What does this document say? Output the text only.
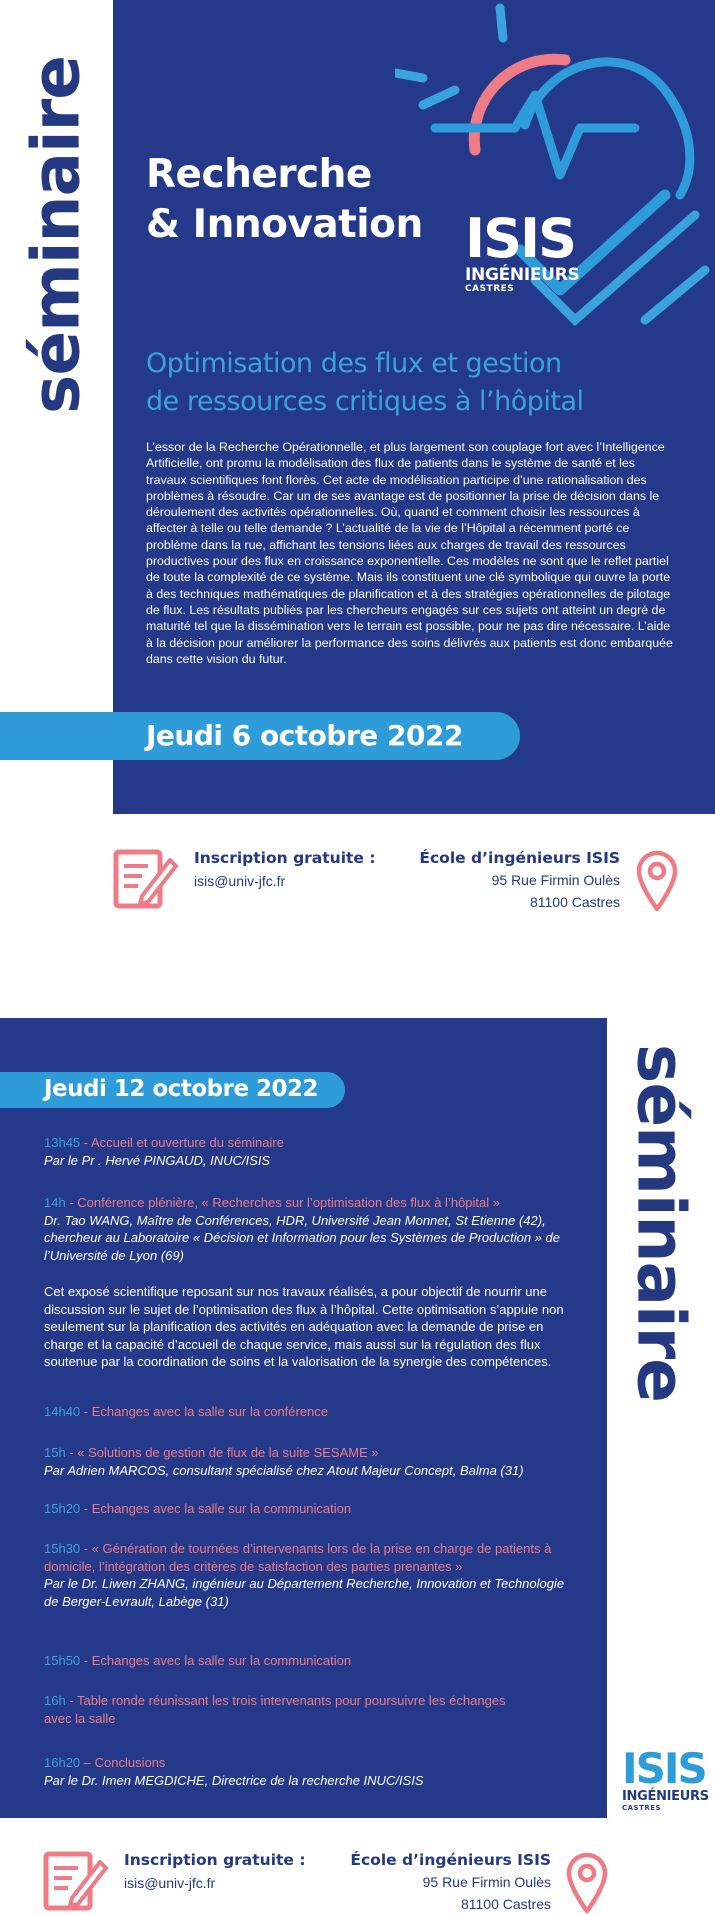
séminaire Recherche
& Innovation ISIS
INGÉNIEURS
CASTRES
Optimisation des flux et gestion
de ressources critiques à l’hôpital
L’essor de la Recherche Opérationnelle, et plus largement son couplage fort avec l’Intelligence Artificielle, ont promu la modélisation des flux de patients dans le système de santé et les travaux scientifiques font florès. Cet acte de modélisation participe d’une rationalisation des problèmes à résoudre. Car un de ses avantage est de positionner la prise de décision dans le déroulement des activités opérationnelles. Où, quand et comment choisir les ressources à affecter à telle ou telle demande ? L’actualité de la vie de l’Hôpital a récemment porté ce problème dans la rue, affichant les tensions liées aux charges de travail des ressources productives pour des flux en croissance exponentielle. Ces modèles ne sont que le reflet partiel de toute la complexité de ce système. Mais ils constituent une clé symbolique qui ouvre la porte à des techniques mathématiques de planification et à des stratégies opérationnelles de pilotage de flux. Les résultats publiés par les chercheurs engagés sur ces sujets ont atteint un degré de maturité tel que la dissémination vers le terrain est possible, pour ne pas dire nécessaire. L’aide à la décision pour améliorer la performance des soins délivrés aux patients est donc embarquée dans cette vision du futur.
Jeudi 6 octobre 2022
Inscription gratuite :
isis@univ-jfc.fr
École d’ingénieurs ISIS
95 Rue Firmin Oulès
81100 Castres
Jeudi 12 octobre 2022	séminaire
13h45 - Accueil et ouverture du séminaire
Par le Pr . Hervé PINGAUD, INUC/ISIS
14h - Conférence plénière, « Recherches sur l’optimisation des flux à l’hôpital »
Dr. Tao WANG, Maître de Conférences, HDR, Université Jean Monnet, St Etienne (42), chercheur au Laboratoire « Décision et Information pour les Systèmes de Production » de l’Université de Lyon (69)
Cet exposé scientifique reposant sur nos travaux réalisés, a pour objectif de nourrir une discussion sur le sujet de l’optimisation des flux à l’hôpital. Cette optimisation s’appuie non seulement sur la planification des activités en adéquation avec la demande de prise en charge et la capacité d’accueil de chaque service, mais aussi sur la régulation des flux soutenue par la coordination de soins et la valorisation de la synergie des compétences.
14h40 - Echanges avec la salle sur la conférence
15h - « Solutions de gestion de flux de la suite SESAME »
Par Adrien MARCOS, consultant spécialisé chez Atout Majeur Concept, Balma (31)
15h20 - Echanges avec la salle sur la communication
15h30 - « Génération de tournées d’intervenants lors de la prise en charge de patients à domicile, l’intégration des critères de satisfaction des parties prenantes »
Par le Dr. Liwen ZHANG, ingénieur au Département Recherche, Innovation et Technologie de Berger-Levrault, Labège (31)
15h50 - Echanges avec la salle sur la communication
16h - Table ronde réunissant les trois intervenants pour poursuivre les échanges avec la salle
16h20 – Conclusions
Par le Dr. Imen MEGDICHE, Directrice de la recherche INUC/ISIS	ISIS
INGÉNIEURS
CASTRES
Inscription gratuite :
isis@univ-jfc.fr
École d’ingénieurs ISIS
95 Rue Firmin Oulès
81100 Castres
